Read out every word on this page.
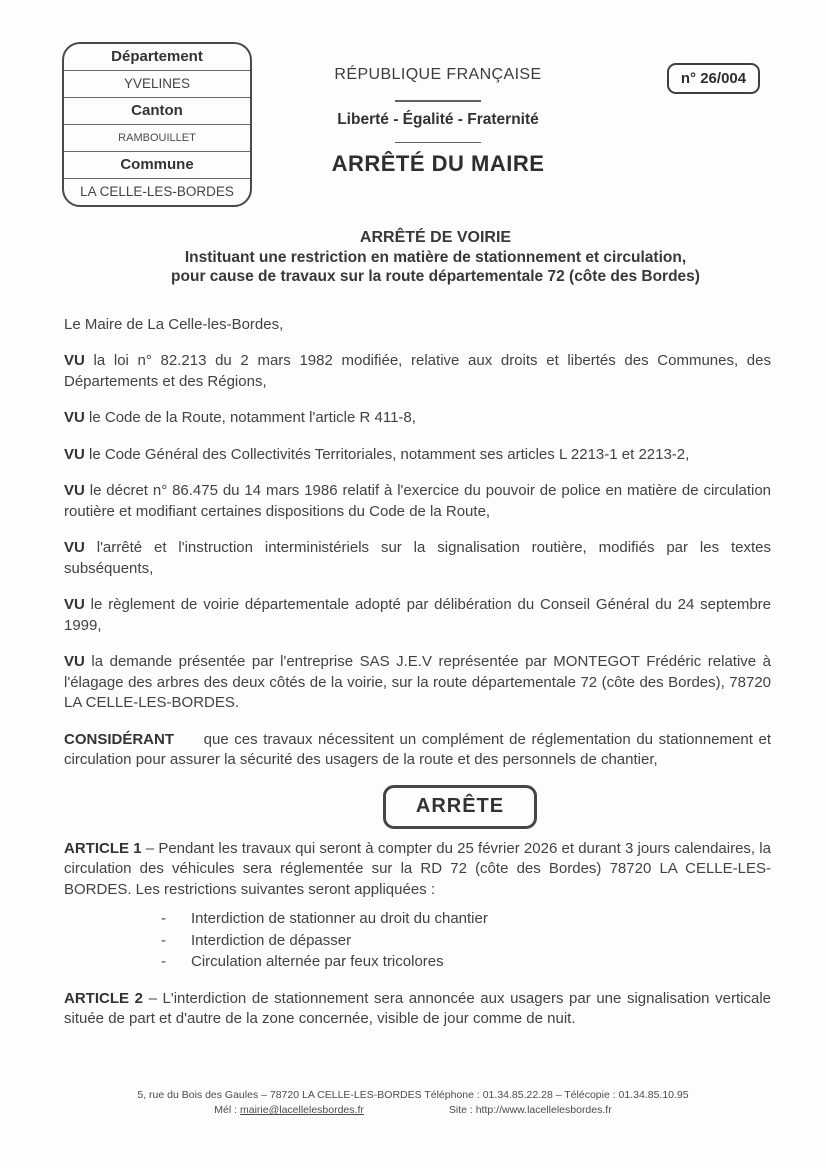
Département
YVELINES
Canton
RAMBOUILLET
Commune
LA CELLE-LES-BORDES
RÉPUBLIQUE FRANÇAISE
Liberté - Égalité - Fraternité
ARRÊTÉ DU MAIRE
n° 26/004
ARRÊTÉ DE VOIRIE
Instituant une restriction en matière de stationnement et circulation,
pour cause de travaux sur la route départementale 72 (côte des Bordes)

Le Maire de La Celle-les-Bordes,

VU la loi n° 82.213 du 2 mars 1982 modifiée, relative aux droits et libertés des Communes, des Départements et des Régions,

VU le Code de la Route, notamment l'article R 411-8,

VU le Code Général des Collectivités Territoriales, notamment ses articles L 2213-1 et 2213-2,

VU le décret n° 86.475 du 14 mars 1986 relatif à l'exercice du pouvoir de police en matière de circulation routière et modifiant certaines dispositions du Code de la Route,

VU l'arrêté et l'instruction interministériels sur la signalisation routière, modifiés par les textes subséquents,

VU le règlement de voirie départementale adopté par délibération du Conseil Général du 24 septembre 1999,

VU la demande présentée par l'entreprise SAS J.E.V représentée par MONTEGOT Frédéric relative à l'élagage des arbres des deux côtés de la voirie, sur la route départementale 72 (côte des Bordes), 78720 LA CELLE-LES-BORDES.

CONSIDÉRANT que ces travaux nécessitent un complément de réglementation du stationnement et circulation pour assurer la sécurité des usagers de la route et des personnels de chantier,

ARRÊTE

ARTICLE 1 – Pendant les travaux qui seront à compter du 25 février 2026 et durant 3 jours calendaires, la circulation des véhicules sera réglementée sur la RD 72 (côte des Bordes) 78720 LA CELLE-LES-BORDES. Les restrictions suivantes seront appliquées :

-	Interdiction de stationner au droit du chantier
-	Interdiction de dépasser
-	Circulation alternée par feux tricolores

ARTICLE 2 – L'interdiction de stationnement sera annoncée aux usagers par une signalisation verticale située de part et d'autre de la zone concernée, visible de jour comme de nuit.

5, rue du Bois des Gaules – 78720 LA CELLE-LES-BORDES Téléphone : 01.34.85.22.28 – Télécopie : 01.34.85.10.95
Mél : mairie@lacellelesbordes.fr	Site : http://www.lacellelesbordes.fr
